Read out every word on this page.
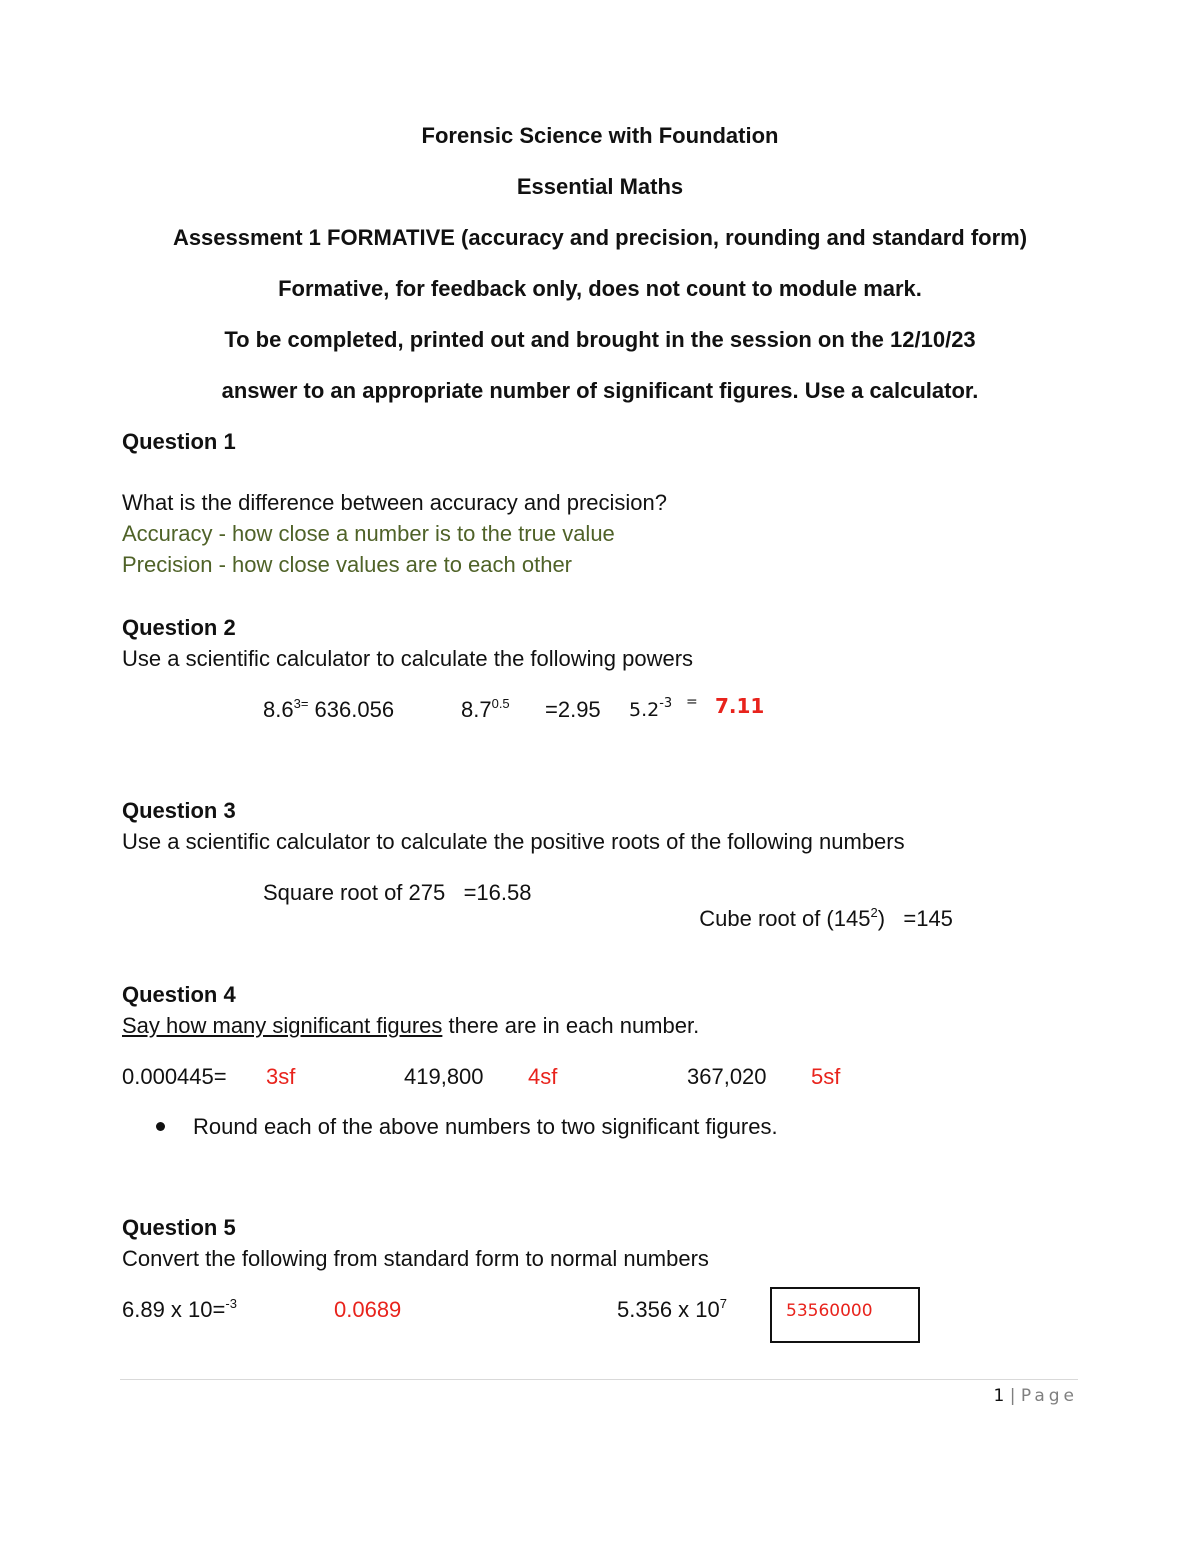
Forensic Science with Foundation
Essential Maths
Assessment 1 FORMATIVE (accuracy and precision, rounding and standard form)
Formative, for feedback only, does not count to module mark.
To be completed, printed out and brought in the session on the 12/10/23
answer to an appropriate number of significant figures. Use a calculator.
Question 1
What is the difference between accuracy and precision?
Accuracy - how close a number is to the true value
Precision - how close values are to each other
Question 2
Use a scientific calculator to calculate the following powers
$8.6^{3=}$ 636.056	$8.7^{0.5} =2.95$ $5.2^{-3} = 7.11$
Question 3
Use a scientific calculator to calculate the positive roots of the following numbers
Square root of 275   =16.58

Cube root of $(145^2) =145$

Question 4
Say how many significant figures there are in each number.
0.000445= 3sf	419,800 4sf	367,020 5sf
Round each of the above numbers to two significant figures.
Question 5
Convert the following from standard form to normal numbers
6.89 x 10=$^{-3}$	0.0689	5.356 x $10^7$	53560000
1 | Page
